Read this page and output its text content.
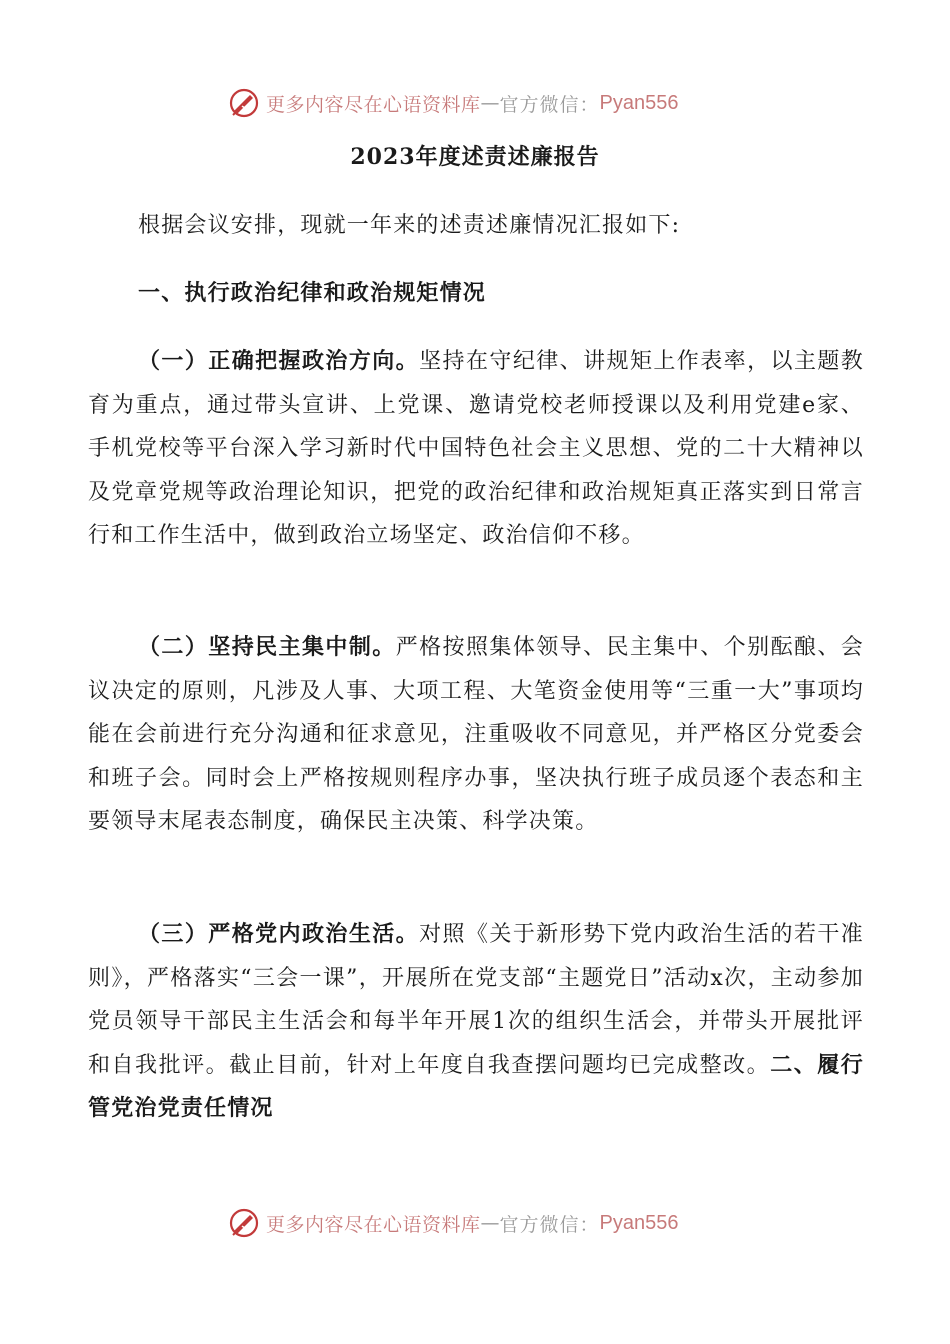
更多内容尽在心语资料库 — 官方微信： Pyan556
2023年度述责述廉报告

根据会议安排，现就一年来的述责述廉情况汇报如下:

一、执行政治纪律和政治规矩情况

（一）正确把握政治方向。坚持在守纪律、讲规矩上作表率，以主题教育为重点，通过带头宣讲、上党课、邀请党校老师授课以及利用党建e家、手机党校等平台深入学习新时代中国特色社会主义思想、党的二十大精神以及党章党规等政治理论知识，把党的政治纪律和政治规矩真正落实到日常言行和工作生活中，做到政治立场坚定、政治信仰不移。

（二）坚持民主集中制。严格按照集体领导、民主集中、个别酝酿、会议决定的原则，凡涉及人事、大项工程、大笔资金使用等“三重一大”事项均能在会前进行充分沟通和征求意见，注重吸收不同意见，并严格区分党委会和班子会。同时会上严格按规则程序办事，坚决执行班子成员逐个表态和主要领导末尾表态制度，确保民主决策、科学决策。

（三）严格党内政治生活。对照《关于新形势下党内政治生活的若干准则》，严格落实“三会一课”，开展所在党支部“主题党日”活动x次，主动参加党员领导干部民主生活会和每半年开展1次的组织生活会，并带头开展批评和自我批评。截止目前，针对上年度自我查摆问题均已完成整改。二、履行管党治党责任情况

更多内容尽在心语资料库 — 官方微信： Pyan556
